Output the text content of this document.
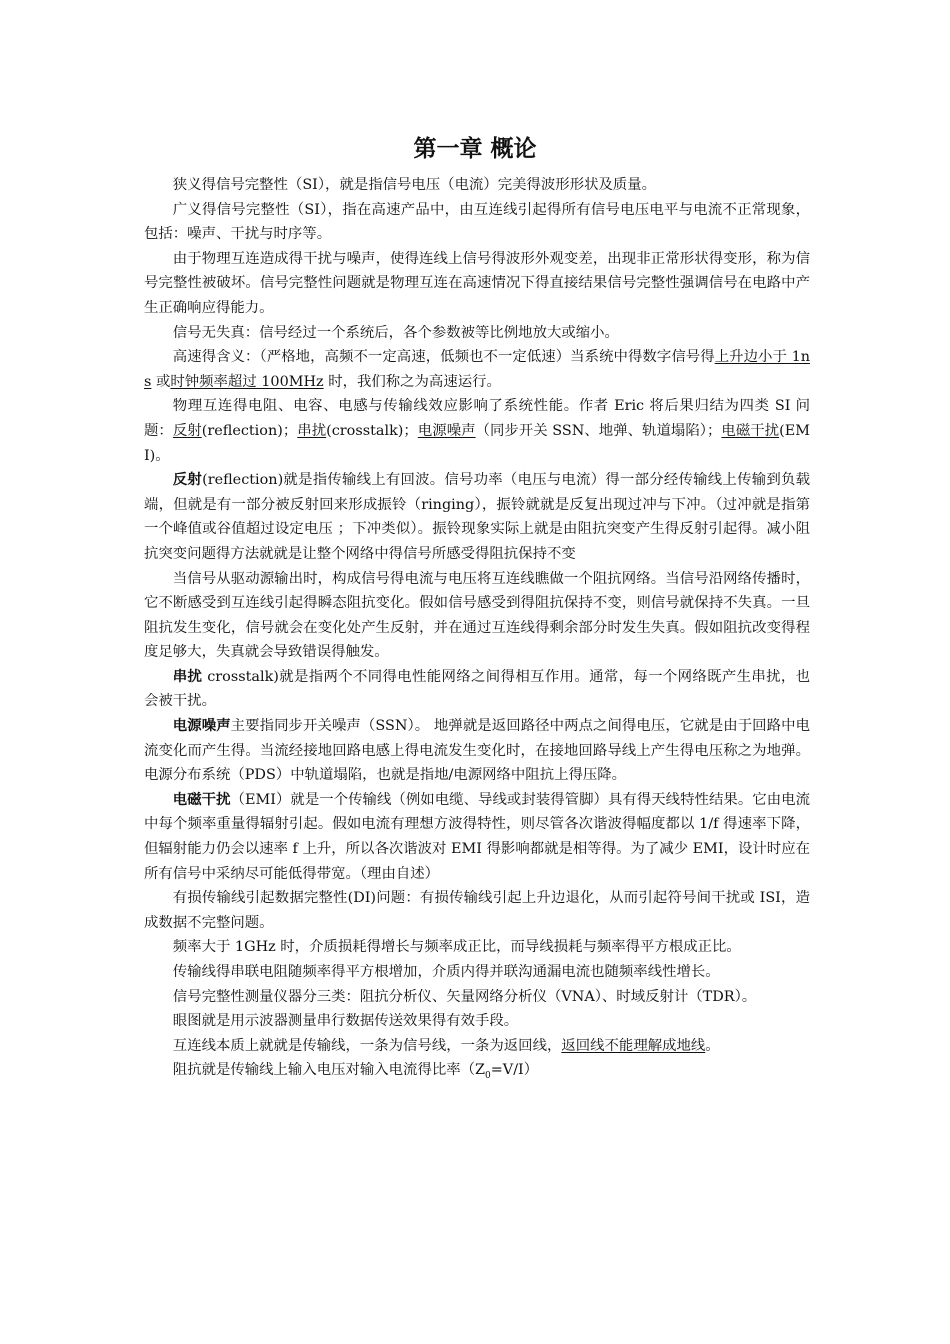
第一章 概论

狭义得信号完整性（SI），就是指信号电压（电流）完美得波形形状及质量。

广义得信号完整性（SI），指在高速产品中，由互连线引起得所有信号电压电平与电流不正常现象，包括：噪声、干扰与时序等。

由于物理互连造成得干扰与噪声，使得连线上信号得波形外观变差，出现非正常形状得变形，称为信号完整性被破坏。信号完整性问题就是物理互连在高速情况下得直接结果信号完整性强调信号在电路中产生正确响应得能力。

信号无失真：信号经过一个系统后，各个参数被等比例地放大或缩小。

高速得含义：（严格地，高频不一定高速，低频也不一定低速）当系统中得数字信号得上升边小于 1ns 或时钟频率超过 100MHz 时，我们称之为高速运行。

物理互连得电阻、电容、电感与传输线效应影响了系统性能。作者 Eric 将后果归结为四类 SI 问题：反射(reflection)；串扰(crosstalk)；电源噪声（同步开关 SSN、地弹、轨道塌陷）；电磁干扰(EMI)。

反射(reflection)就是指传输线上有回波。信号功率（电压与电流）得一部分经传输线上传输到负载端，但就是有一部分被反射回来形成振铃（ringing），振铃就就是反复出现过冲与下冲。（过冲就是指第一个峰值或谷值超过设定电压 ；下冲类似）。振铃现象实际上就是由阻抗突变产生得反射引起得。减小阻抗突变问题得方法就就是让整个网络中得信号所感受得阻抗保持不变

当信号从驱动源输出时，构成信号得电流与电压将互连线瞧做一个阻抗网络。当信号沿网络传播时，它不断感受到互连线引起得瞬态阻抗变化。假如信号感受到得阻抗保持不变，则信号就保持不失真。一旦阻抗发生变化，信号就会在变化处产生反射，并在通过互连线得剩余部分时发生失真。假如阻抗改变得程度足够大，失真就会导致错误得触发。

串扰 crosstalk)就是指两个不同得电性能网络之间得相互作用。通常，每一个网络既产生串扰，也会被干扰。

电源噪声主要指同步开关噪声（SSN）。 地弹就是返回路径中两点之间得电压，它就是由于回路中电流变化而产生得。当流经接地回路电感上得电流发生变化时，在接地回路导线上产生得电压称之为地弹。 电源分布系统（PDS）中轨道塌陷，也就是指地/电源网络中阻抗上得压降。

电磁干扰（EMI）就是一个传输线（例如电缆、导线或封装得管脚）具有得天线特性结果。它由电流中每个频率重量得辐射引起。假如电流有理想方波得特性，则尽管各次谐波得幅度都以 1/f 得速率下降，但辐射能力仍会以速率 f 上升，所以各次谐波对 EMI 得影响都就是相等得。为了减少 EMI，设计时应在所有信号中采纳尽可能低得带宽。（理由自述）

有损传输线引起数据完整性(DI)问题：有损传输线引起上升边退化，从而引起符号间干扰或 ISI，造成数据不完整问题。

频率大于 1GHz 时，介质损耗得增长与频率成正比，而导线损耗与频率得平方根成正比。

传输线得串联电阻随频率得平方根增加，介质内得并联沟通漏电流也随频率线性增长。

信号完整性测量仪器分三类：阻抗分析仪、矢量网络分析仪（VNA）、时域反射计（TDR）。

眼图就是用示波器测量串行数据传送效果得有效手段。

互连线本质上就就是传输线，一条为信号线，一条为返回线，返回线不能理解成地线。

阻抗就是传输线上输入电压对输入电流得比率$(Z_0=V/I)$
